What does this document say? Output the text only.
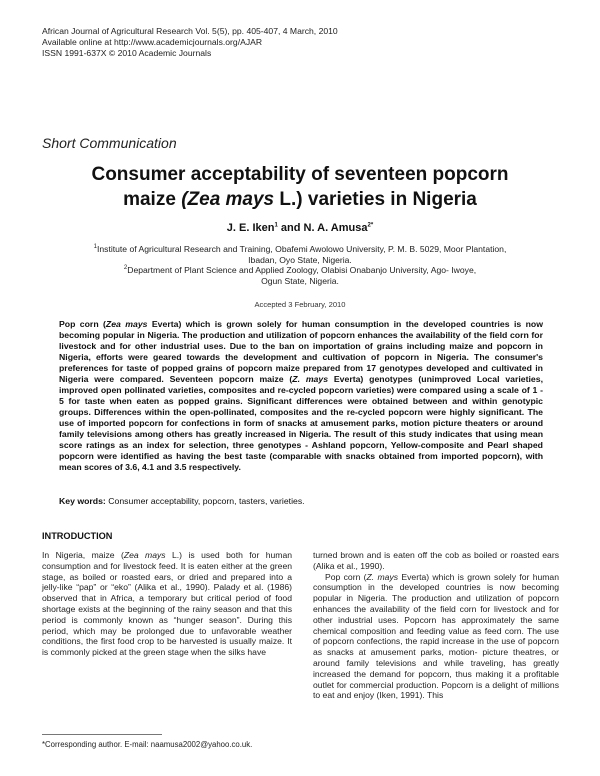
African Journal of Agricultural Research Vol. 5(5), pp. 405-407, 4 March, 2010
Available online at http://www.academicjournals.org/AJAR
ISSN 1991-637X © 2010 Academic Journals
Short Communication
Consumer acceptability of seventeen popcorn
maize (Zea mays L.) varieties in Nigeria
J. E. Iken$^1$ and N. A. Amusa$^{2*}$
$^1$Institute of Agricultural Research and Training, Obafemi Awolowo University, P. M. B. 5029, Moor Plantation,
Ibadan, Oyo State, Nigeria.
$^2$Department of Plant Science and Applied Zoology, Olabisi Onabanjo University, Ago- Iwoye,
Ogun State, Nigeria.
Accepted 3 February, 2010
Pop corn (Zea mays Everta) which is grown solely for human consumption in the developed countries is now becoming popular in Nigeria. The production and utilization of popcorn enhances the availability of the field corn for livestock and for other industrial uses. Due to the ban on importation of grains including maize and popcorn in Nigeria, efforts were geared towards the development and cultivation of popcorn in Nigeria. The consumer's preferences for taste of popped grains of popcorn maize prepared from 17 genotypes developed and cultivated in Nigeria were compared. Seventeen popcorn maize (Z. mays Everta) genotypes (unimproved Local varieties, improved open pollinated varieties, composites and re-cycled popcorn varieties) were compared using a scale of 1 - 5 for taste when eaten as popped grains. Significant differences were obtained between and within genotypic groups. Differences within the open-pollinated, composites and the re-cycled popcorn were highly significant. The use of imported popcorn for confections in form of snacks at amusement parks, motion picture theaters or around family televisions among others has greatly increased in Nigeria. The result of this study indicates that using mean score ratings as an index for selection, three genotypes - Ashland popcorn, Yellow-composite and Pearl shaped popcorn were identified as having the best taste (comparable with snacks obtained from imported popcorn), with mean scores of 3.6, 4.1 and 3.5 respectively.
Key words: Consumer acceptability, popcorn, tasters, varieties.
INTRODUCTION

In Nigeria, maize (Zea mays L.) is used both for human consumption and for livestock feed. It is eaten either at the green stage, as boiled or roasted ears, or dried and prepared into a jelly-like “pap” or “eko” (Alika et al., 1990). Palady et al. (1986) observed that in Africa, a temporary but critical period of food shortage exists at the beginning of the rainy season and that this period is commonly known as “hunger season”. During this period, which may be prolonged due to unfavorable weather conditions, the first food crop to be harvested is usually maize. It is commonly picked at the green stage when the silks have

turned brown and is eaten off the cob as boiled or roasted ears (Alika et al., 1990).

Pop corn (Z. mays Everta) which is grown solely for human consumption in the developed countries is now becoming popular in Nigeria. The production and utilization of popcorn enhances the availability of the field corn for livestock and for other industrial uses. Popcorn has approximately the same chemical composition and feeding value as feed corn. The use of popcorn confections, the rapid increase in the use of popcorn as snacks at amusement parks, motion- picture theatres, or around family televisions and while traveling, has greatly increased the demand for popcorn, thus making it a profitable outlet for commercial production. Popcorn is a delight of millions to eat and enjoy (Iken, 1991). This

*Corresponding author. E-mail: naamusa2002@yahoo.co.uk.
